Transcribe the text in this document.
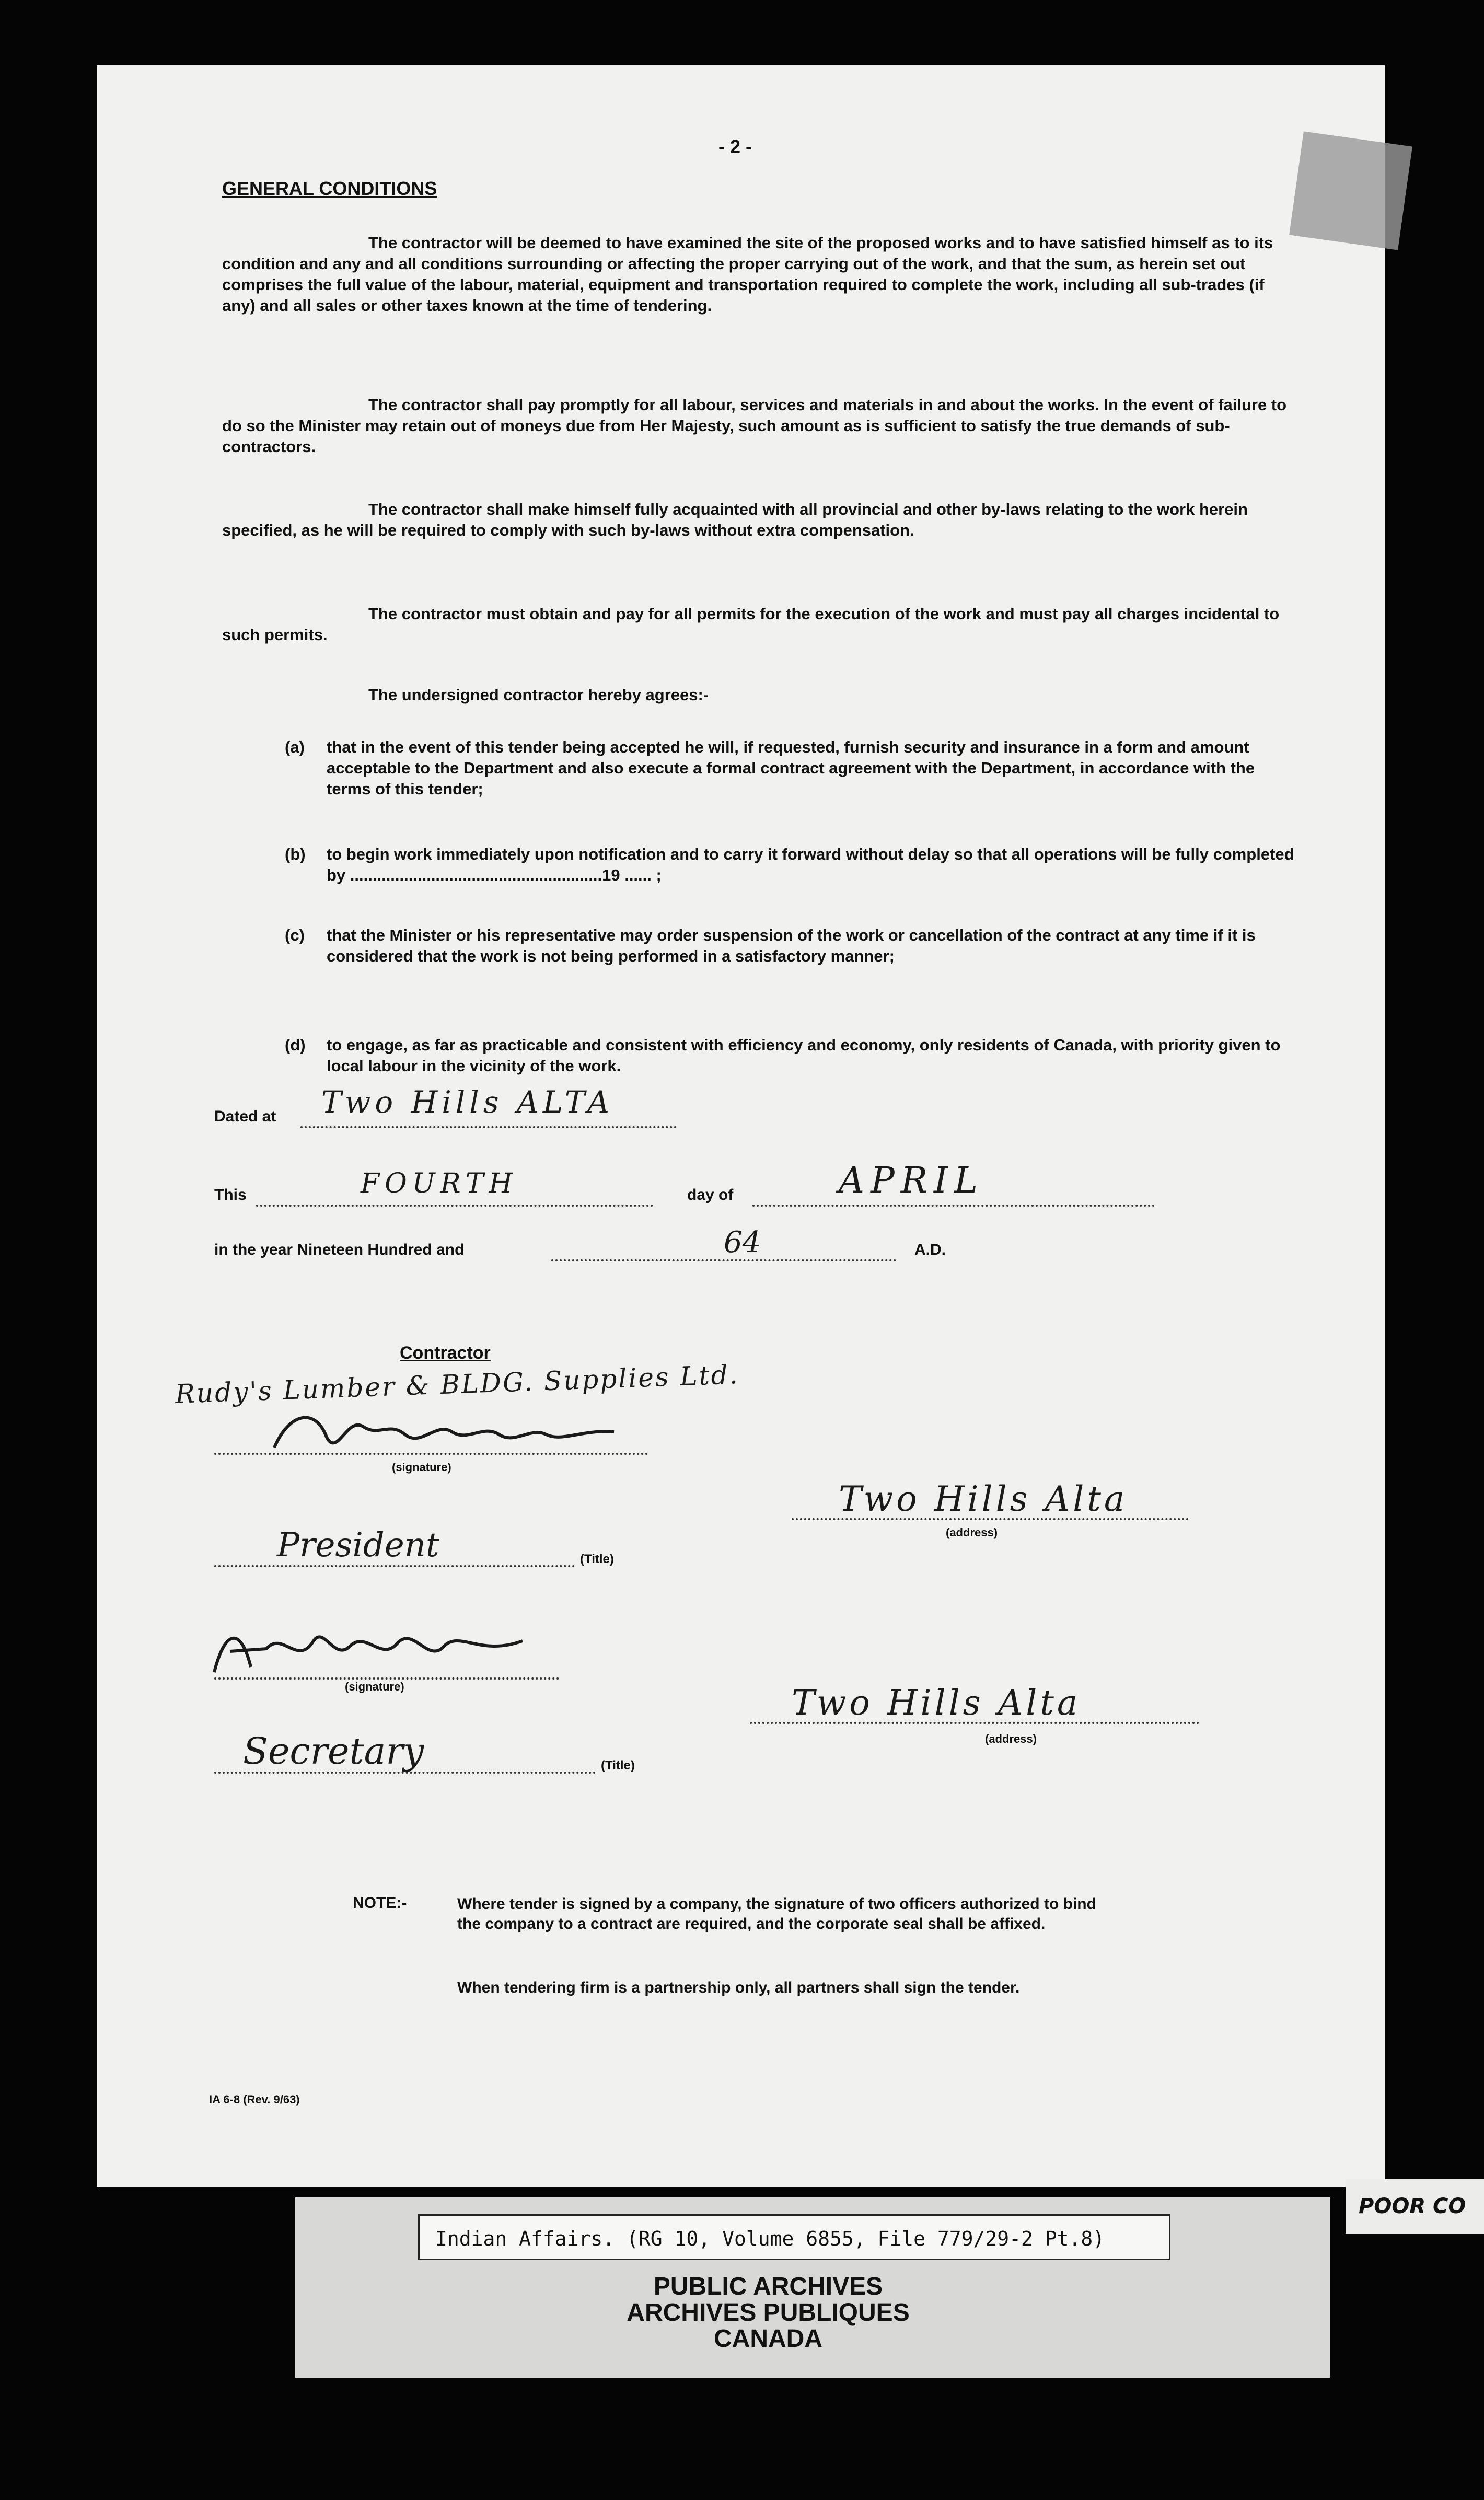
- 2 -
GENERAL CONDITIONS

The contractor will be deemed to have examined the site of the proposed works and to have satisfied himself as to its condition and any and all conditions surrounding or affecting the proper carrying out of the work, and that the sum, as herein set out comprises the full value of the labour, material, equipment and transportation required to complete the work, including all sub-trades (if any) and all sales or other taxes known at the time of tendering.

The contractor shall pay promptly for all labour, services and materials in and about the works. In the event of failure to do so the Minister may retain out of moneys due from Her Majesty, such amount as is sufficient to satisfy the true demands of sub-contractors.

The contractor shall make himself fully acquainted with all provincial and other by-laws relating to the work herein specified, as he will be required to comply with such by-laws without extra compensation.

The contractor must obtain and pay for all permits for the execution of the work and must pay all charges incidental to such permits.

The undersigned contractor hereby agrees:-

(a) that in the event of this tender being accepted he will, if requested, furnish security and insurance in a form and amount acceptable to the Department and also execute a formal contract agreement with the Department, in accordance with the terms of this tender;
(b) to begin work immediately upon notification and to carry it forward without delay so that all operations will be fully completed by ........................................................19 ...... ;
(c) that the Minister or his representative may order suspension of the work or cancellation of the contract at any time if it is considered that the work is not being performed in a satisfactory manner;
(d) to engage, as far as practicable and consistent with efficiency and economy, only residents of Canada, with priority given to local labour in the vicinity of the work.
Dated at Two Hills ALTA
This	FOURTH	day of	APRIL
in the year Nineteen Hundred and	64	A.D.
Contractor
Rudy's Lumber & BLDG. Supplies Ltd.
(signature)
President	(Title)
Two Hills Alta
(address)
(signature)
Secretary	(Title)
Two Hills Alta
(address)
NOTE:-	Where tender is signed by a company, the signature of two officers authorized to bind the company to a contract are required, and the corporate seal shall be affixed.
When tendering firm is a partnership only, all partners shall sign the tender.
IA 6-8 (Rev. 9/63)
Indian Affairs. (RG 10, Volume 6855, File 779/29-2 Pt.8)
PUBLIC ARCHIVES
ARCHIVES PUBLIQUES
CANADA
POOR CO
